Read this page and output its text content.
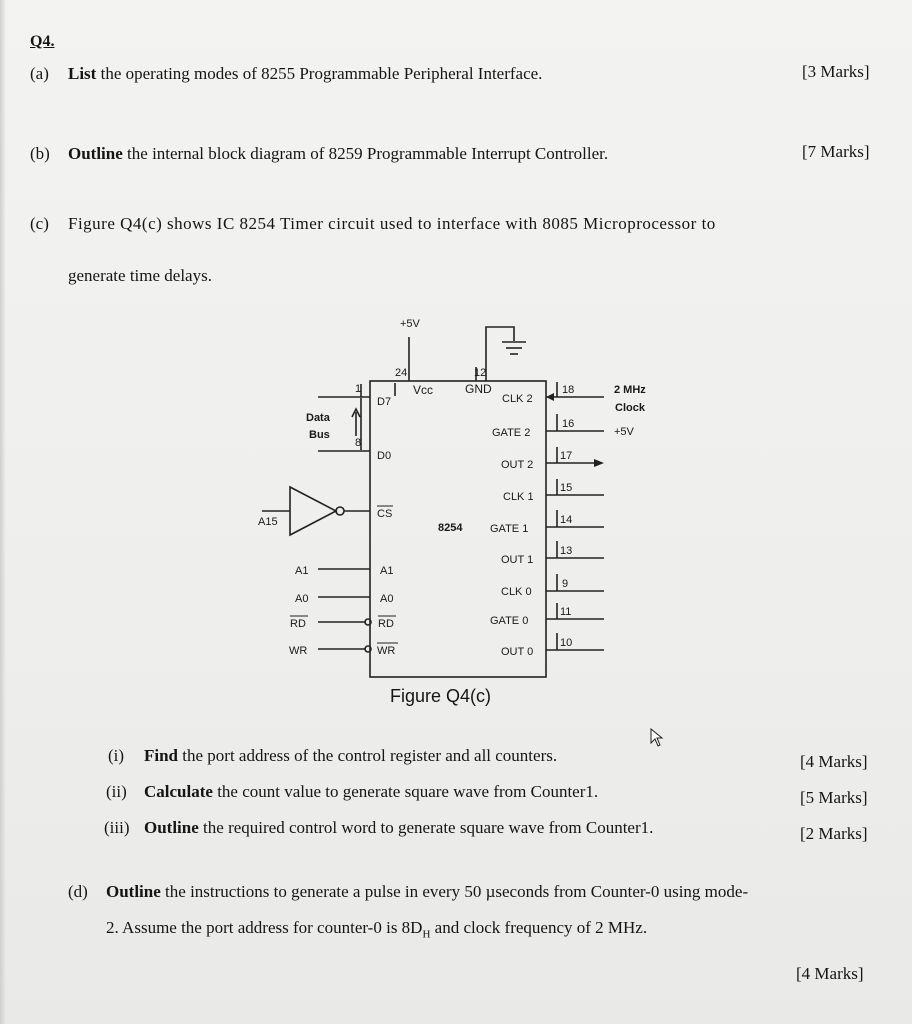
Q4.
(a) List the operating modes of 8255 Programmable Peripheral Interface.	[3 Marks]
(b) Outline the internal block diagram of 8259 Programmable Interrupt Controller.	[7 Marks]
(c) Figure Q4(c) shows IC 8254 Timer circuit used to interface with 8085 Microprocessor to
generate time delays.
+5V
24	12
Vcc	GND
1
8
D7
D0
Data
Bus
A15
CS
8254
A1	A1
A0	A0
RD	RD
WR	WR
CLK 2
18
GATE 2
16
OUT 2
17
CLK 1
15
GATE 1
14
OUT 1
13
CLK 0
9
GATE 0
11
OUT 0
10
2 MHz
Clock
+5V
Figure Q4(c)
(i) Find the port address of the control register and all counters.	[4 Marks]
(ii) Calculate the count value to generate square wave from Counter1.	[5 Marks]
(iii) Outline the required control word to generate square wave from Counter1.	[2 Marks]
(d) Outline the instructions to generate a pulse in every 50 µseconds from Counter-0 using mode-
2. Assume the port address for counter-0 is $8D_H$ and clock frequency of 2 MHz.
[4 Marks]
